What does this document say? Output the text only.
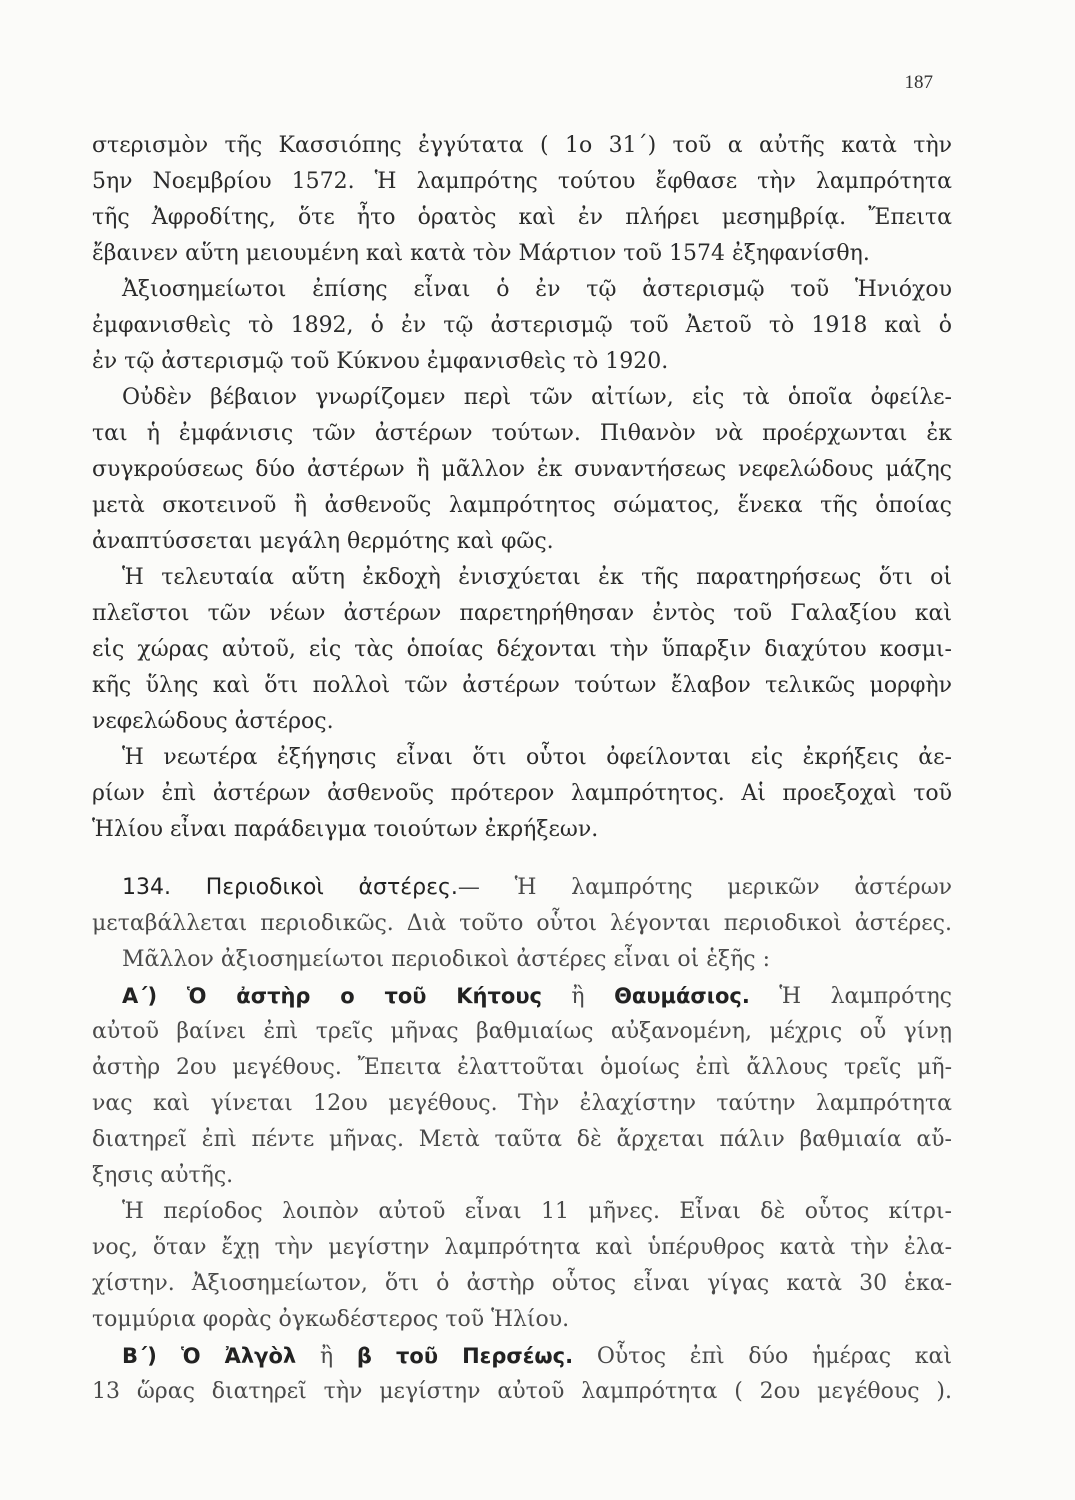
187
στερισμὸν τῆς Κασσιόπης ἐγγύτατα ( 1ο 31΄) τοῦ α αὐτῆς κατὰ τὴν
5ην Νοεμβρίου 1572. Ἡ λαμπρότης τούτου ἔφθασε τὴν λαμπρότητα
τῆς Ἀφροδίτης, ὅτε ἦτο ὁρατὸς καὶ ἐν πλήρει μεσημβρίᾳ. Ἔπειτα
ἔβαινεν αὕτη μειουμένη καὶ κατὰ τὸν Μάρτιον τοῦ 1574 ἐξηφανίσθη.
Ἀξιοσημείωτοι ἐπίσης εἶναι ὁ ἐν τῷ ἀστερισμῷ τοῦ Ἡνιόχου
ἐμφανισθεὶς τὸ 1892, ὁ ἐν τῷ ἀστερισμῷ τοῦ Ἀετοῦ τὸ 1918 καὶ ὁ
ἐν τῷ ἀστερισμῷ τοῦ Κύκνου ἐμφανισθεὶς τὸ 1920.
Οὐδὲν βέβαιον γνωρίζομεν περὶ τῶν αἰτίων, εἰς τὰ ὁποῖα ὀφείλε-
ται ἡ ἐμφάνισις τῶν ἀστέρων τούτων. Πιθανὸν νὰ προέρχωνται ἐκ
συγκρούσεως δύο ἀστέρων ἢ μᾶλλον ἐκ συναντήσεως νεφελώδους μάζης
μετὰ σκοτεινοῦ ἢ ἀσθενοῦς λαμπρότητος σώματος, ἕνεκα τῆς ὁποίας
ἀναπτύσσεται μεγάλη θερμότης καὶ φῶς.
Ἡ τελευταία αὕτη ἐκδοχὴ ἐνισχύεται ἐκ τῆς παρατηρήσεως ὅτι οἱ
πλεῖστοι τῶν νέων ἀστέρων παρετηρήθησαν ἐντὸς τοῦ Γαλαξίου καὶ
εἰς χώρας αὐτοῦ, εἰς τὰς ὁποίας δέχονται τὴν ὕπαρξιν διαχύτου κοσμι-
κῆς ὕλης καὶ ὅτι πολλοὶ τῶν ἀστέρων τούτων ἔλαβον τελικῶς μορφὴν
νεφελώδους ἀστέρος.
Ἡ νεωτέρα ἐξήγησις εἶναι ὅτι οὗτοι ὀφείλονται εἰς ἐκρήξεις ἀε-
ρίων ἐπὶ ἀστέρων ἀσθενοῦς πρότερον λαμπρότητος. Αἱ προεξοχαὶ τοῦ
Ἡλίου εἶναι παράδειγμα τοιούτων ἐκρήξεων.
134. Περιοδικοὶ ἀστέρες.— Ἡ λαμπρότης μερικῶν ἀστέρων
μεταβάλλεται περιοδικῶς. Διὰ τοῦτο οὗτοι λέγονται περιοδικοὶ ἀστέρες.
Μᾶλλον ἀξιοσημείωτοι περιοδικοὶ ἀστέρες εἶναι οἱ ἑξῆς :
Α΄) Ὁ ἀστὴρ ο τοῦ Κήτους ἢ Θαυμάσιος. Ἡ λαμπρότης
αὐτοῦ βαίνει ἐπὶ τρεῖς μῆνας βαθμιαίως αὐξανομένη, μέχρις οὗ γίνῃ
ἀστὴρ 2ου μεγέθους. Ἔπειτα ἐλαττοῦται ὁμοίως ἐπὶ ἄλλους τρεῖς μῆ-
νας καὶ γίνεται 12ου μεγέθους. Τὴν ἐλαχίστην ταύτην λαμπρότητα
διατηρεῖ ἐπὶ πέντε μῆνας. Μετὰ ταῦτα δὲ ἄρχεται πάλιν βαθμιαία αὔ-
ξησις αὐτῆς.
Ἡ περίοδος λοιπὸν αὐτοῦ εἶναι 11 μῆνες. Εἶναι δὲ οὗτος κίτρι-
νος, ὅταν ἔχῃ τὴν μεγίστην λαμπρότητα καὶ ὑπέρυθρος κατὰ τὴν ἐλα-
χίστην. Ἀξιοσημείωτον, ὅτι ὁ ἀστὴρ οὗτος εἶναι γίγας κατὰ 30 ἑκα-
τομμύρια φορὰς ὀγκωδέστερος τοῦ Ἡλίου.
Β΄) Ὁ Ἀλγὸλ ἢ β τοῦ Περσέως. Οὗτος ἐπὶ δύο ἡμέρας καὶ
13 ὥρας διατηρεῖ τὴν μεγίστην αὐτοῦ λαμπρότητα ( 2ου μεγέθους ).
